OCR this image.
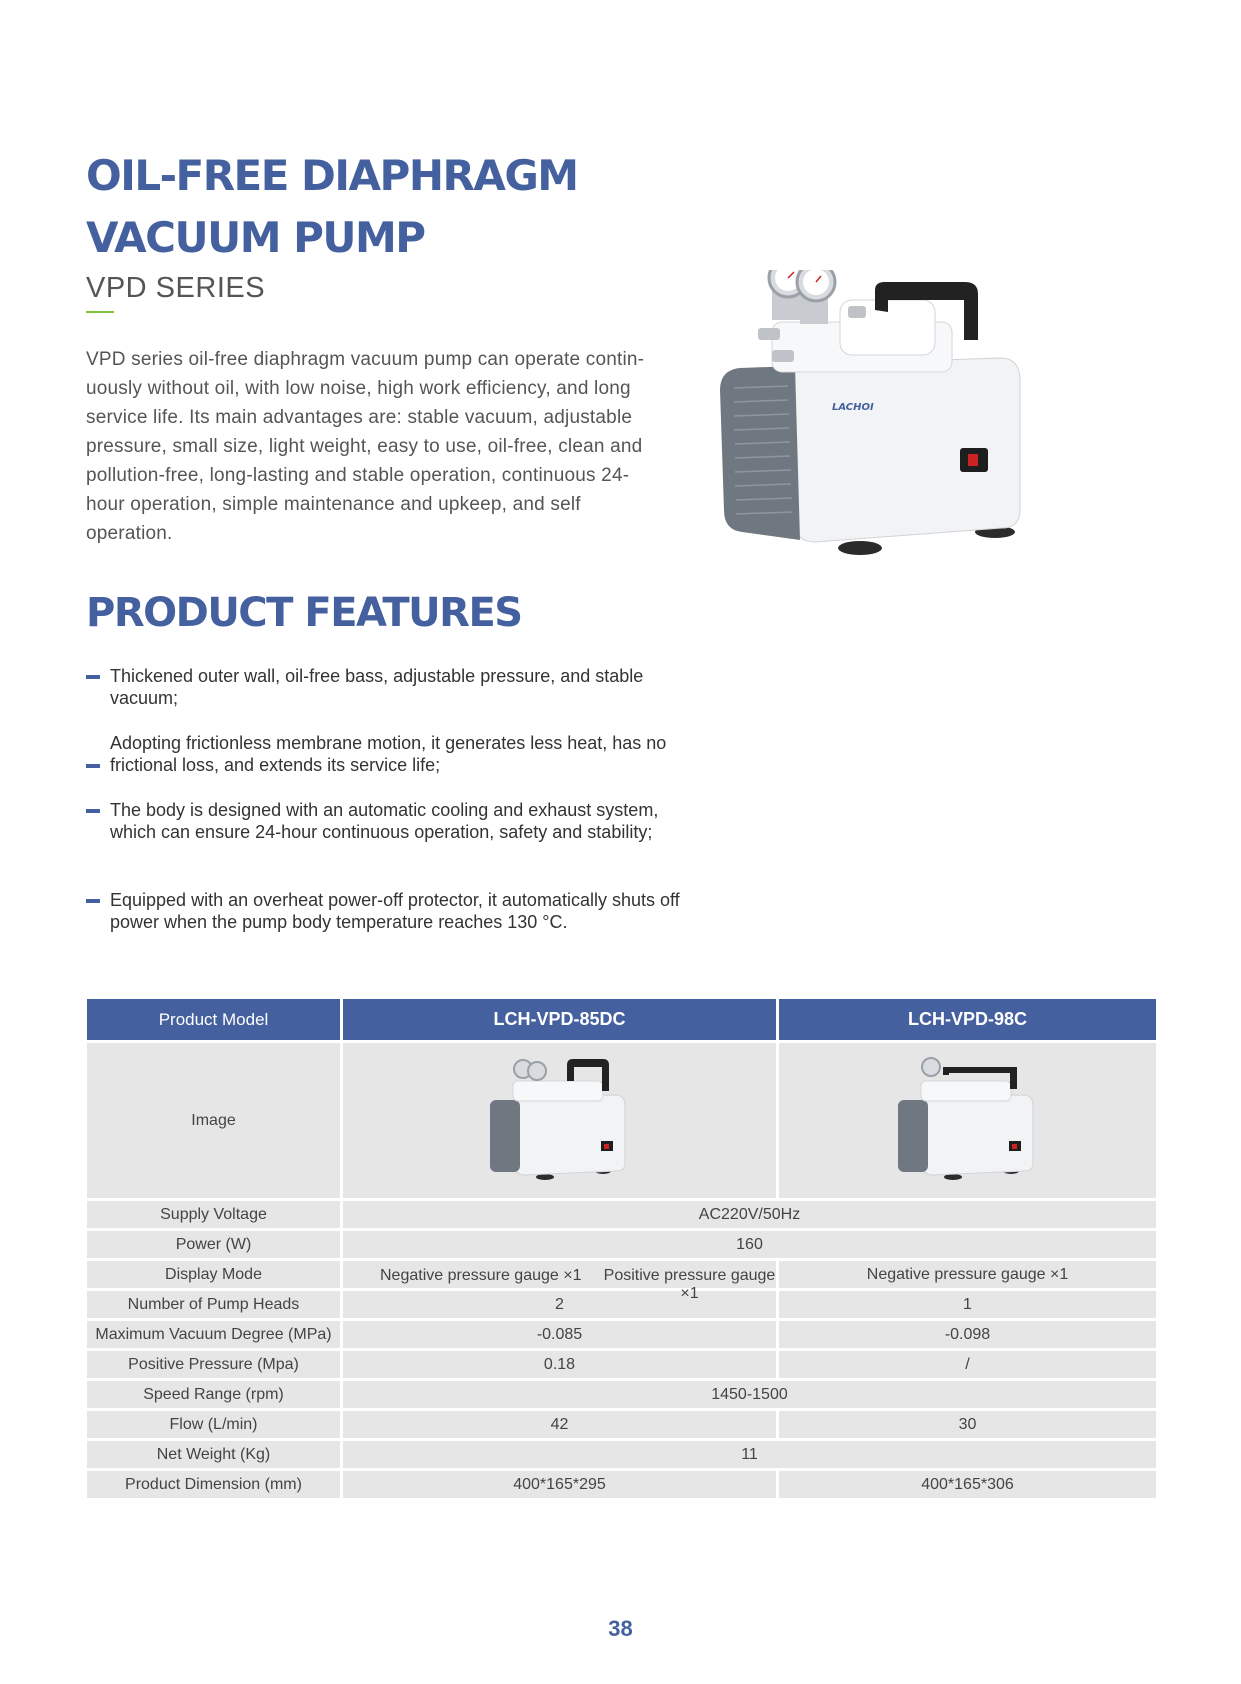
OIL-FREE DIAPHRAGM
VACUUM PUMP
VPD SERIES

VPD series oil-free diaphragm vacuum pump can operate contin-uously without oil, with low noise, high work efficiency, and long service life. Its main advantages are: stable vacuum, adjustable pressure, small size, light weight, easy to use, oil-free, clean and pollution-free, long-lasting and stable operation, continuous 24-hour operation, simple maintenance and upkeep, and self operation.

LACHOI
PRODUCT FEATURES
Thickened outer wall, oil-free bass, adjustable pressure, and stable vacuum;
Adopting frictionless membrane motion, it generates less heat, has no frictional loss, and extends its service life;
The body is designed with an automatic cooling and exhaust system, which can ensure 24-hour continuous operation, safety and stability;
Equipped with an overheat power-off protector, it automatically shuts off power when the pump body temperature reaches 130 °C.
Product Model	LCH-VPD-85DC	LCH-VPD-98C
Image		
Supply Voltage	AC220V/50Hz	
Power (W)	160	
Display Mode	Negative pressure gauge ×1 Positive pressure gauge ×1	Negative pressure gauge ×1
Number of Pump Heads	2	1
Maximum Vacuum Degree (MPa)	-0.085	-0.098
Positive Pressure (Mpa)	0.18	/
Speed Range (rpm)	1450-1500	
Flow (L/min)	42	30
Net Weight (Kg)	11	
Product Dimension (mm)	400*165*295	400*165*306
38
